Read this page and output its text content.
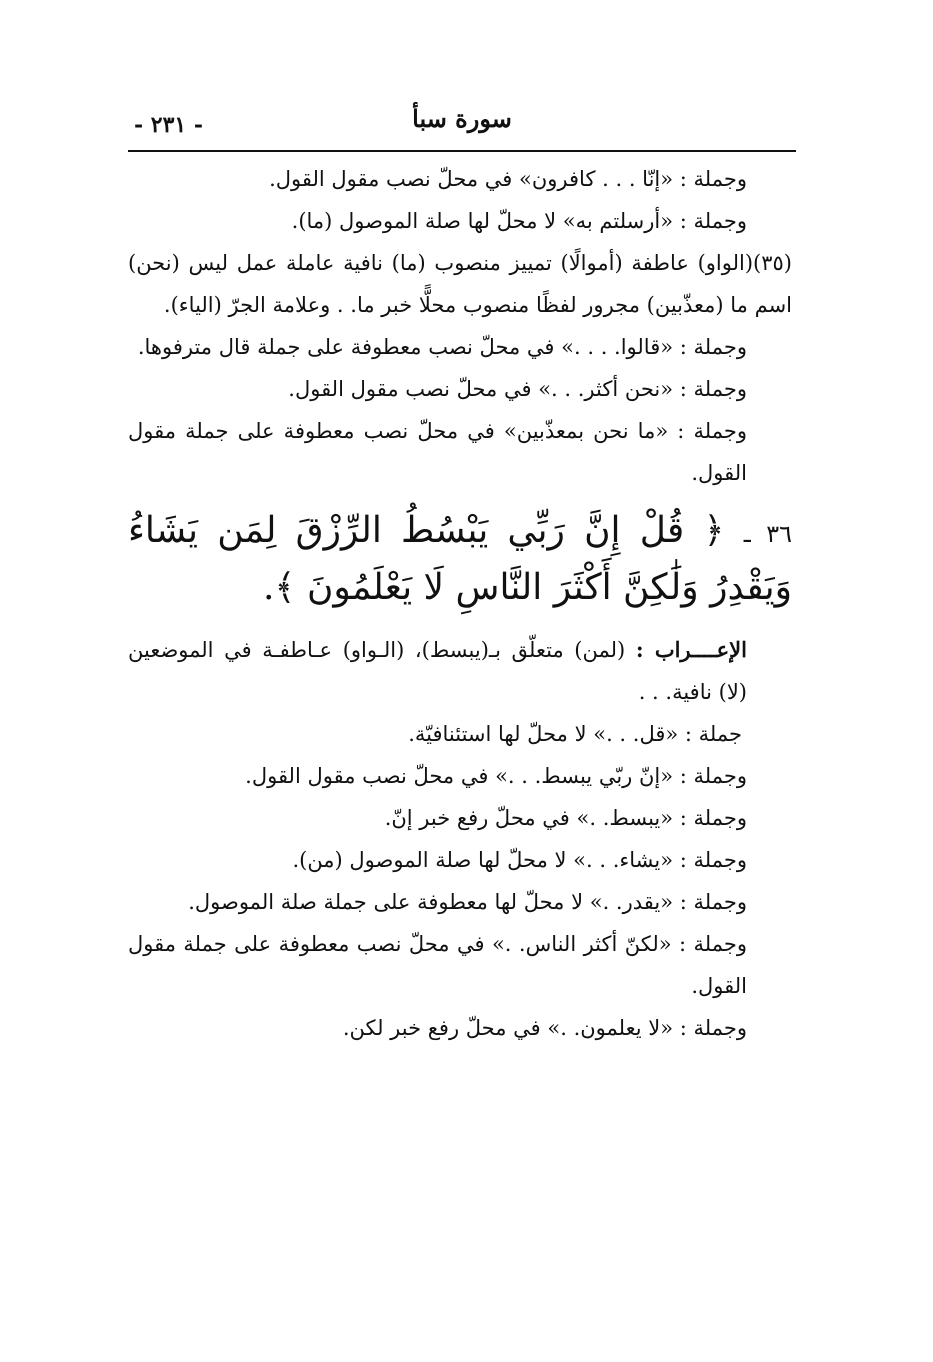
سورة سبأ
- ٢٣١ -

وجملة : «إنّا . . . كافرون» في محلّ نصب مقول القول.

وجملة : «أرسلتم به» لا محلّ لها صلة الموصول (ما).

(٣٥)(الواو) عاطفة (أموالًا) تمييز منصوب (ما) نافية عاملة عمل ليس (نحن) اسم ما (معذّبين) مجرور لفظًا منصوب محلًّا خبر ما. . وعلامة الجرّ (الياء).

وجملة : «قالوا. . . .» في محلّ نصب معطوفة على جملة قال مترفوها.

وجملة : «نحن أكثر. . .» في محلّ نصب مقول القول.

وجملة : «ما نحن بمعذّبين» في محلّ نصب معطوفة على جملة مقول القول.

٣٦ ـ ﴿ قُلْ إِنَّ رَبِّي يَبْسُطُ الرِّزْقَ لِمَن يَشَاءُ وَيَقْدِرُ وَلَٰكِنَّ أَكْثَرَ النَّاسِ لَا يَعْلَمُونَ ﴾.

الإعــــراب : (لمن) متعلّق بـ(يبسط)، (الـواو) عـاطفـة في الموضعين (لا) نافية. . .

جملة : «قل. . .» لا محلّ لها استئنافيّة.

وجملة : «إنّ ربّي يبسط. . .» في محلّ نصب مقول القول.

وجملة : «يبسط. .» في محلّ رفع خبر إنّ.

وجملة : «يشاء. . .» لا محلّ لها صلة الموصول (من).

وجملة : «يقدر. .» لا محلّ لها معطوفة على جملة صلة الموصول.

وجملة : «لكنّ أكثر الناس. .» في محلّ نصب معطوفة على جملة مقول القول.

وجملة : «لا يعلمون. .» في محلّ رفع خبر لكن.
